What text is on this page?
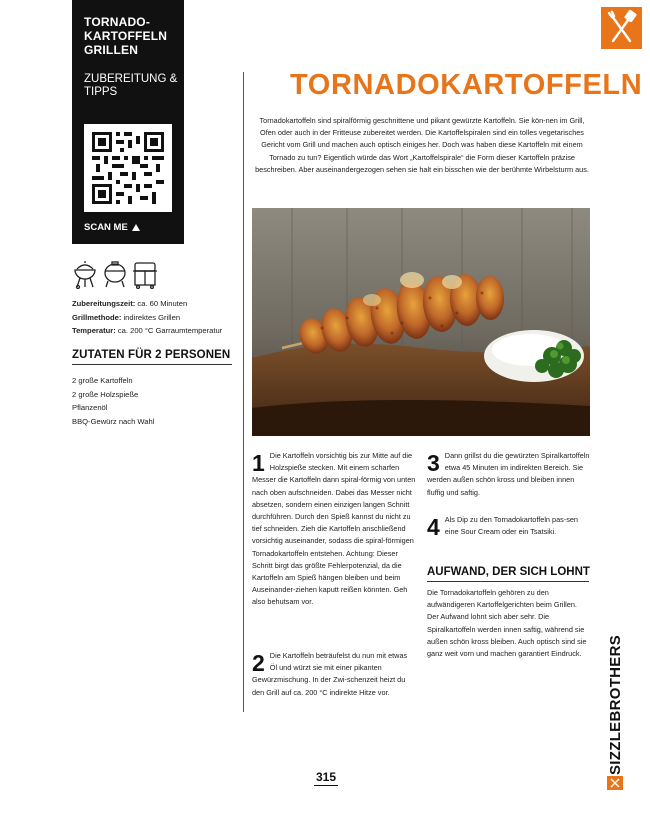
TORNADO-
KARTOFFELN
GRILLEN
ZUBEREITUNG &
TIPPS
SCAN ME
Zubereitungszeit: ca. 60 Minuten
Grillmethode: indirektes Grillen
Temperatur: ca. 200 °C Garraumtemperatur
ZUTATEN FÜR 2 PERSONEN
2 große Kartoffeln
2 große Holzspieße
Pflanzenöl
BBQ-Gewürz nach Wahl
TORNADOKARTOFFELN
Tornadokartoffeln sind spiralförmig geschnittene und pikant gewürzte Kartoffeln. Sie kön-nen im Grill, Ofen oder auch in der Fritteuse zubereitet werden. Die Kartoffelspiralen sind ein tolles vegetarisches Gericht vom Grill und machen auch optisch einiges her. Doch was haben diese Kartoffeln mit einem Tornado zu tun? Eigentlich würde das Wort „Kartoffelspirale“ die Form dieser Kartoffeln präzise beschreiben. Aber auseinandergezogen sehen sie halt ein bisschen wie der berühmte Wirbelsturm aus.
1 Die Kartoffeln vorsichtig bis zur Mitte auf die Holzspieße stecken. Mit einem scharfen Messer die Kartoffeln dann spiral-förmig von unten nach oben aufschneiden. Dabei das Messer nicht absetzen, sondern einen einzigen langen Schnitt durchführen. Durch den Spieß kannst du nicht zu tief schneiden. Zieh die Kartoffeln anschließend vorsichtig auseinander, sodass die spiral-förmigen Tornadokartoffeln entstehen. Achtung: Dieser Schritt birgt das größte Fehlerpotenzial, da die Kartoffeln am Spieß hängen bleiben und beim Auseinander-ziehen kaputt reißen könnten. Geh also behutsam vor.
2 Die Kartoffeln beträufelst du nun mit etwas Öl und würzt sie mit einer pikanten Gewürzmischung. In der Zwi-schenzeit heizt du den Grill auf ca. 200 °C indirekte Hitze vor.
3 Dann grillst du die gewürzten Spiralkartoffeln etwa 45 Minuten im indirekten Bereich. Sie werden außen schön kross und bleiben innen fluffig und saftig.
4 Als Dip zu den Tornadokartoffeln pas-sen eine Sour Cream oder ein Tsatsiki.
AUFWAND, DER SICH LOHNT
Die Tornadokartoffeln gehören zu den aufwändigeren Kartoffelgerichten beim Grillen. Der Aufwand lohnt sich aber sehr. Die Spiralkartoffeln werden innen saftig, während sie außen schön kross bleiben. Auch optisch sind sie ganz weit vorn und machen garantiert Eindruck.
315
SIZZLEBROTHERS
